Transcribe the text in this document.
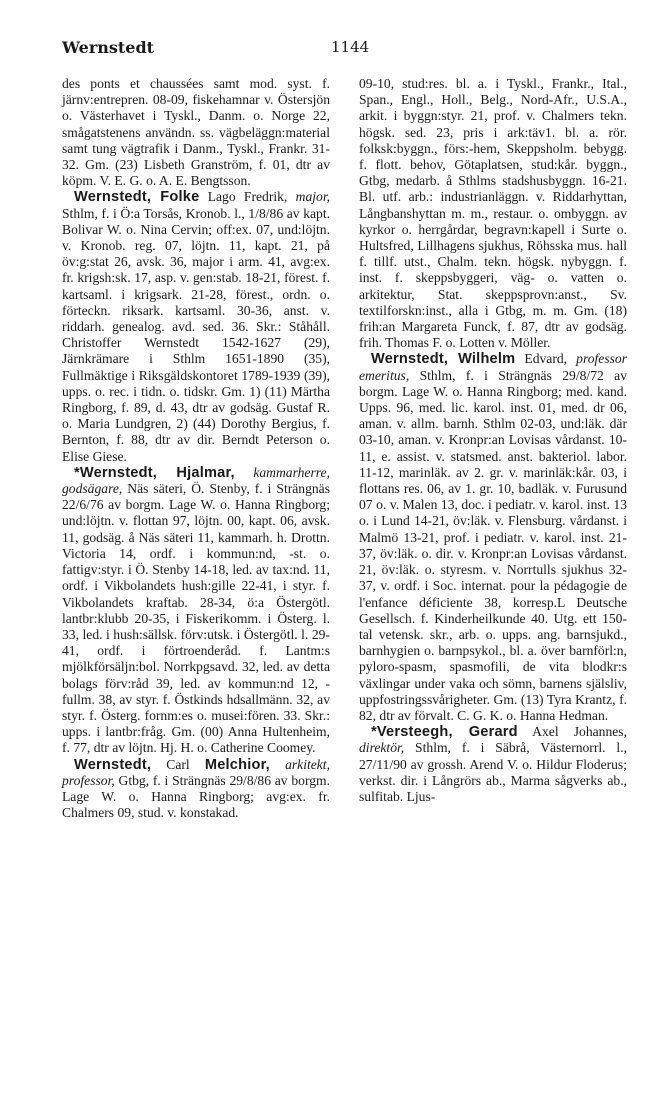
Wernstedt	1144

des ponts et chaussées samt mod. syst. f. järnv:entrepren. 08-09, fiskehamnar v. Östersjön o. Västerhavet i Tyskl., Danm. o. Norge 22, smågatstenens användn. ss. vägbeläggn:material samt tung vägtrafik i Danm., Tyskl., Frankr. 31-32. Gm. (23) Lisbeth Granström, f. 01, dtr av köpm. V. E. G. o. A. E. Bengtsson.

Wernstedt, Folke Lago Fredrik, major, Sthlm, f. i Ö:a Torsås, Kronob. l., 1/8/86 av kapt. Bolivar W. o. Nina Cervin; off:ex. 07, und:löjtn. v. Kronob. reg. 07, löjtn. 11, kapt. 21, på öv:g:stat 26, avsk. 36, major i arm. 41, avg:ex. fr. krigsh:sk. 17, asp. v. gen:stab. 18-21, förest. f. kartsaml. i krigsark. 21-28, förest., ordn. o. förteckn. riksark. kartsaml. 30-36, anst. v. riddarh. genealog. avd. sed. 36. Skr.: Ståhåll. Christoffer Wernstedt 1542-1627 (29), Järnkrämare i Sthlm 1651-1890 (35), Fullmäktige i Riksgäldskontoret 1789-1939 (39), upps. o. rec. i tidn. o. tidskr. Gm. 1) (11) Märtha Ringborg, f. 89, d. 43, dtr av godsäg. Gustaf R. o. Maria Lundgren, 2) (44) Dorothy Bergius, f. Bernton, f. 88, dtr av dir. Berndt Peterson o. Elise Giese.

*Wernstedt, Hjalmar, kammarherre, godsägare, Näs säteri, Ö. Stenby, f. i Strängnäs 22/6/76 av borgm. Lage W. o. Hanna Ringborg; und:löjtn. v. flottan 97, löjtn. 00, kapt. 06, avsk. 11, godsäg. å Näs säteri 11, kammarh. h. Drottn. Victoria 14, ordf. i kommun:nd, -st. o. fattigv:styr. i Ö. Stenby 14-18, led. av tax:nd. 11, ordf. i Vikbolandets hush:gille 22-41, i styr. f. Vikbolandets kraftab. 28-34, ö:a Östergötl. lantbr:klubb 20-35, i Fiskerikomm. i Österg. l. 33, led. i hush:sällsk. förv:utsk. i Östergötl. l. 29-41, ordf. i förtroenderåd. f. Lantm:s mjölkförsäljn:bol. Norrkpgsavd. 32, led. av detta bolags förv:råd 39, led. av kommun:nd 12, -fullm. 38, av styr. f. Östkinds hdsallmänn. 32, av styr. f. Österg. fornm:es o. musei:fören. 33. Skr.: upps. i lantbr:fråg. Gm. (00) Anna Hultenheim, f. 77, dtr av löjtn. Hj. H. o. Catherine Coomey.

Wernstedt, Carl Melchior, arkitekt, professor, Gtbg, f. i Strängnäs 29/8/86 av borgm. Lage W. o. Hanna Ringborg; avg:ex. fr. Chalmers 09, stud. v. konstakad.

09-10, stud:res. bl. a. i Tyskl., Frankr., Ital., Span., Engl., Holl., Belg., Nord-Afr., U.S.A., arkit. i byggn:styr. 21, prof. v. Chalmers tekn. högsk. sed. 23, pris i ark:täv1. bl. a. rör. folksk:byggn., förs:-hem, Skeppsholm. bebygg. f. flott. behov, Götaplatsen, stud:kår. byggn., Gtbg, medarb. å Sthlms stadshusbyggn. 16-21. Bl. utf. arb.: industrianläggn. v. Riddarhyttan, Långbanshyttan m. m., restaur. o. ombyggn. av kyrkor o. herrgårdar, begravn:kapell i Surte o. Hultsfred, Lillhagens sjukhus, Röhsska mus. hall f. tillf. utst., Chalm. tekn. högsk. nybyggn. f. inst. f. skeppsbyggeri, väg- o. vatten o. arkitektur, Stat. skeppsprovn:anst., Sv. textilforskn:inst., alla i Gtbg, m. m. Gm. (18) frih:an Margareta Funck, f. 87, dtr av godsäg. frih. Thomas F. o. Lotten v. Möller.

Wernstedt, Wilhelm Edvard, professor emeritus, Sthlm, f. i Strängnäs 29/8/72 av borgm. Lage W. o. Hanna Ringborg; med. kand. Upps. 96, med. lic. karol. inst. 01, med. dr 06, aman. v. allm. barnh. Sthlm 02-03, und:läk. där 03-10, aman. v. Kronpr:an Lovisas vårdanst. 10-11, e. assist. v. statsmed. anst. bakteriol. labor. 11-12, marinläk. av 2. gr. v. marinläk:kår. 03, i flottans res. 06, av 1. gr. 10, badläk. v. Furusund 07 o. v. Malen 13, doc. i pediatr. v. karol. inst. 13 o. i Lund 14-21, öv:läk. v. Flensburg. vårdanst. i Malmö 13-21, prof. i pediatr. v. karol. inst. 21-37, öv:läk. o. dir. v. Kronpr:an Lovisas vårdanst. 21, öv:läk. o. styresm. v. Norrtulls sjukhus 32-37, v. ordf. i Soc. internat. pour la pédagogie de l'enfance déficiente 38, korresp.L Deutsche Gesellsch. f. Kinderheilkunde 40. Utg. ett 150-tal vetensk. skr., arb. o. upps. ang. barnsjukd., barnhygien o. barnpsykol., bl. a. över barnförl:n, pyloro-spasm, spasmofili, de vita blodkr:s växlingar under vaka och sömn, barnens själsliv, uppfostringssvårigheter. Gm. (13) Tyra Krantz, f. 82, dtr av förvalt. C. G. K. o. Hanna Hedman.

*Versteegh, Gerard Axel Johannes, direktör, Sthlm, f. i Säbrå, Västernorrl. l., 27/11/90 av grossh. Arend V. o. Hildur Floderus; verkst. dir. i Långrörs ab., Marma sågverks ab., sulfitab. Ljus-
